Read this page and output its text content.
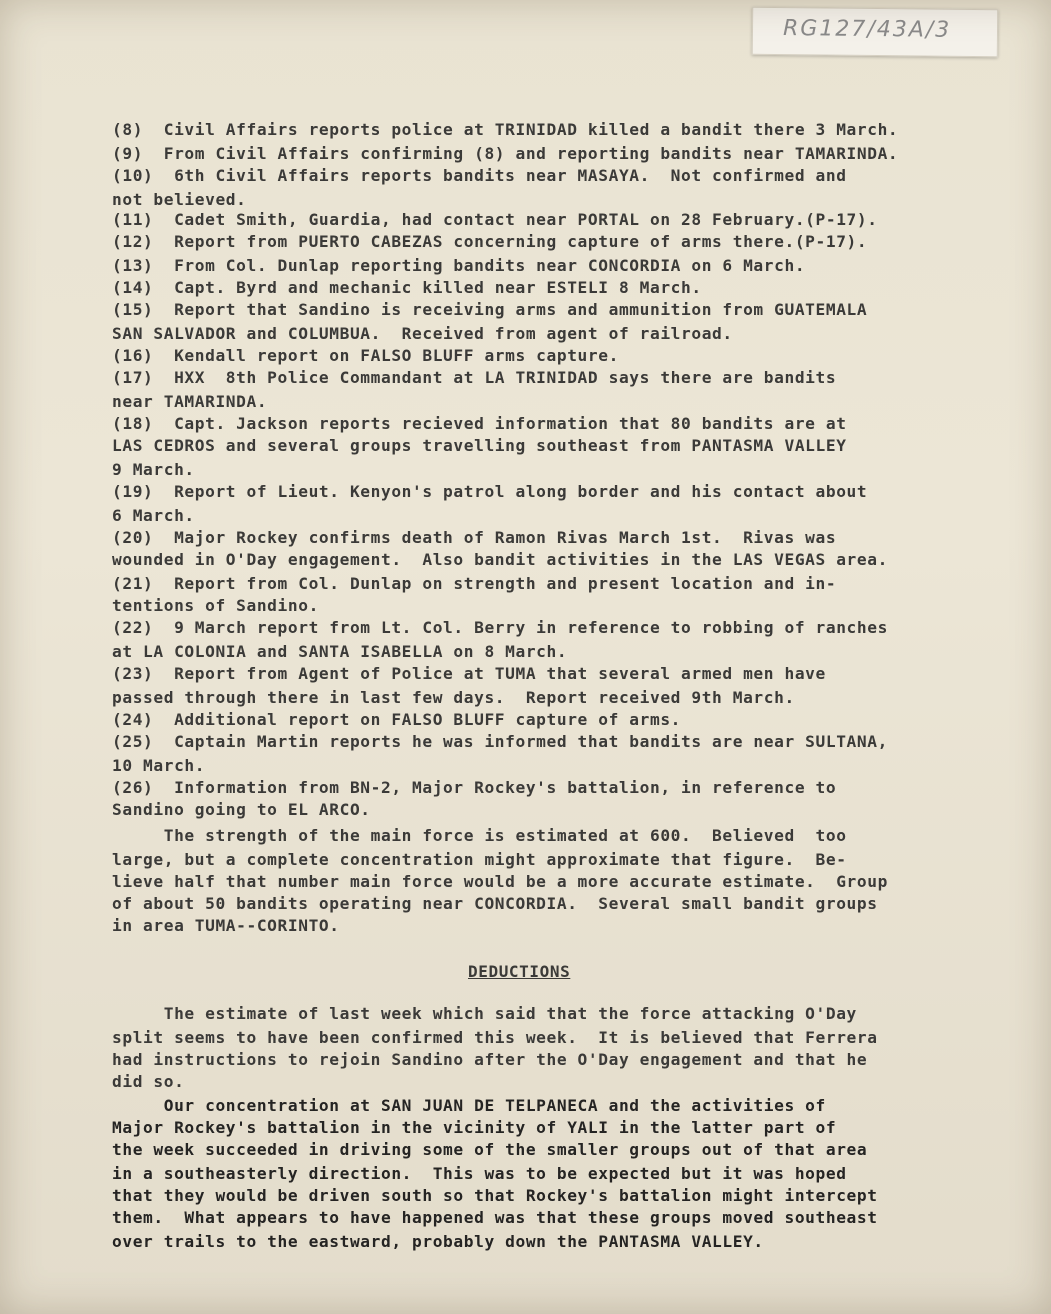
RG127/43A/3
(8)  Civil Affairs reports police at TRINIDAD killed a bandit there 3 March.
(9)  From Civil Affairs confirming (8) and reporting bandits near TAMARINDA.
(10)  6th Civil Affairs reports bandits near MASAYA.  Not confirmed and
not believed.
(11)  Cadet Smith, Guardia, had contact near PORTAL on 28 February.(P-17).
(12)  Report from PUERTO CABEZAS concerning capture of arms there.(P-17).
(13)  From Col. Dunlap reporting bandits near CONCORDIA on 6 March.
(14)  Capt. Byrd and mechanic killed near ESTELI 8 March.
(15)  Report that Sandino is receiving arms and ammunition from GUATEMALA
SAN SALVADOR and COLUMBUA.  Received from agent of railroad.
(16)  Kendall report on FALSO BLUFF arms capture.
(17)  HXX  8th Police Commandant at LA TRINIDAD says there are bandits
near TAMARINDA.
(18)  Capt. Jackson reports recieved information that 80 bandits are at
LAS CEDROS and several groups travelling southeast from PANTASMA VALLEY
9 March.
(19)  Report of Lieut. Kenyon's patrol along border and his contact about
6 March.
(20)  Major Rockey confirms death of Ramon Rivas March 1st.  Rivas was
wounded in O'Day engagement.  Also bandit activities in the LAS VEGAS area.
(21)  Report from Col. Dunlap on strength and present location and in-
tentions of Sandino.
(22)  9 March report from Lt. Col. Berry in reference to robbing of ranches
at LA COLONIA and SANTA ISABELLA on 8 March.
(23)  Report from Agent of Police at TUMA that several armed men have
passed through there in last few days.  Report received 9th March.
(24)  Additional report on FALSO BLUFF capture of arms.
(25)  Captain Martin reports he was informed that bandits are near SULTANA,
10 March.
(26)  Information from BN-2, Major Rockey's battalion, in reference to
Sandino going to EL ARCO.
The strength of the main force is estimated at 600.  Believed  too
large, but a complete concentration might approximate that figure.  Be-
lieve half that number main force would be a more accurate estimate.  Group
of about 50 bandits operating near CONCORDIA.  Several small bandit groups
in area TUMA--CORINTO.
DEDUCTIONS
The estimate of last week which said that the force attacking O'Day
split seems to have been confirmed this week.  It is believed that Ferrera
had instructions to rejoin Sandino after the O'Day engagement and that he
did so.
Our concentration at SAN JUAN DE TELPANECA and the activities of
Major Rockey's battalion in the vicinity of YALI in the latter part of
the week succeeded in driving some of the smaller groups out of that area
in a southeasterly direction.  This was to be expected but it was hoped
that they would be driven south so that Rockey's battalion might intercept
them.  What appears to have happened was that these groups moved southeast
over trails to the eastward, probably down the PANTASMA VALLEY.
